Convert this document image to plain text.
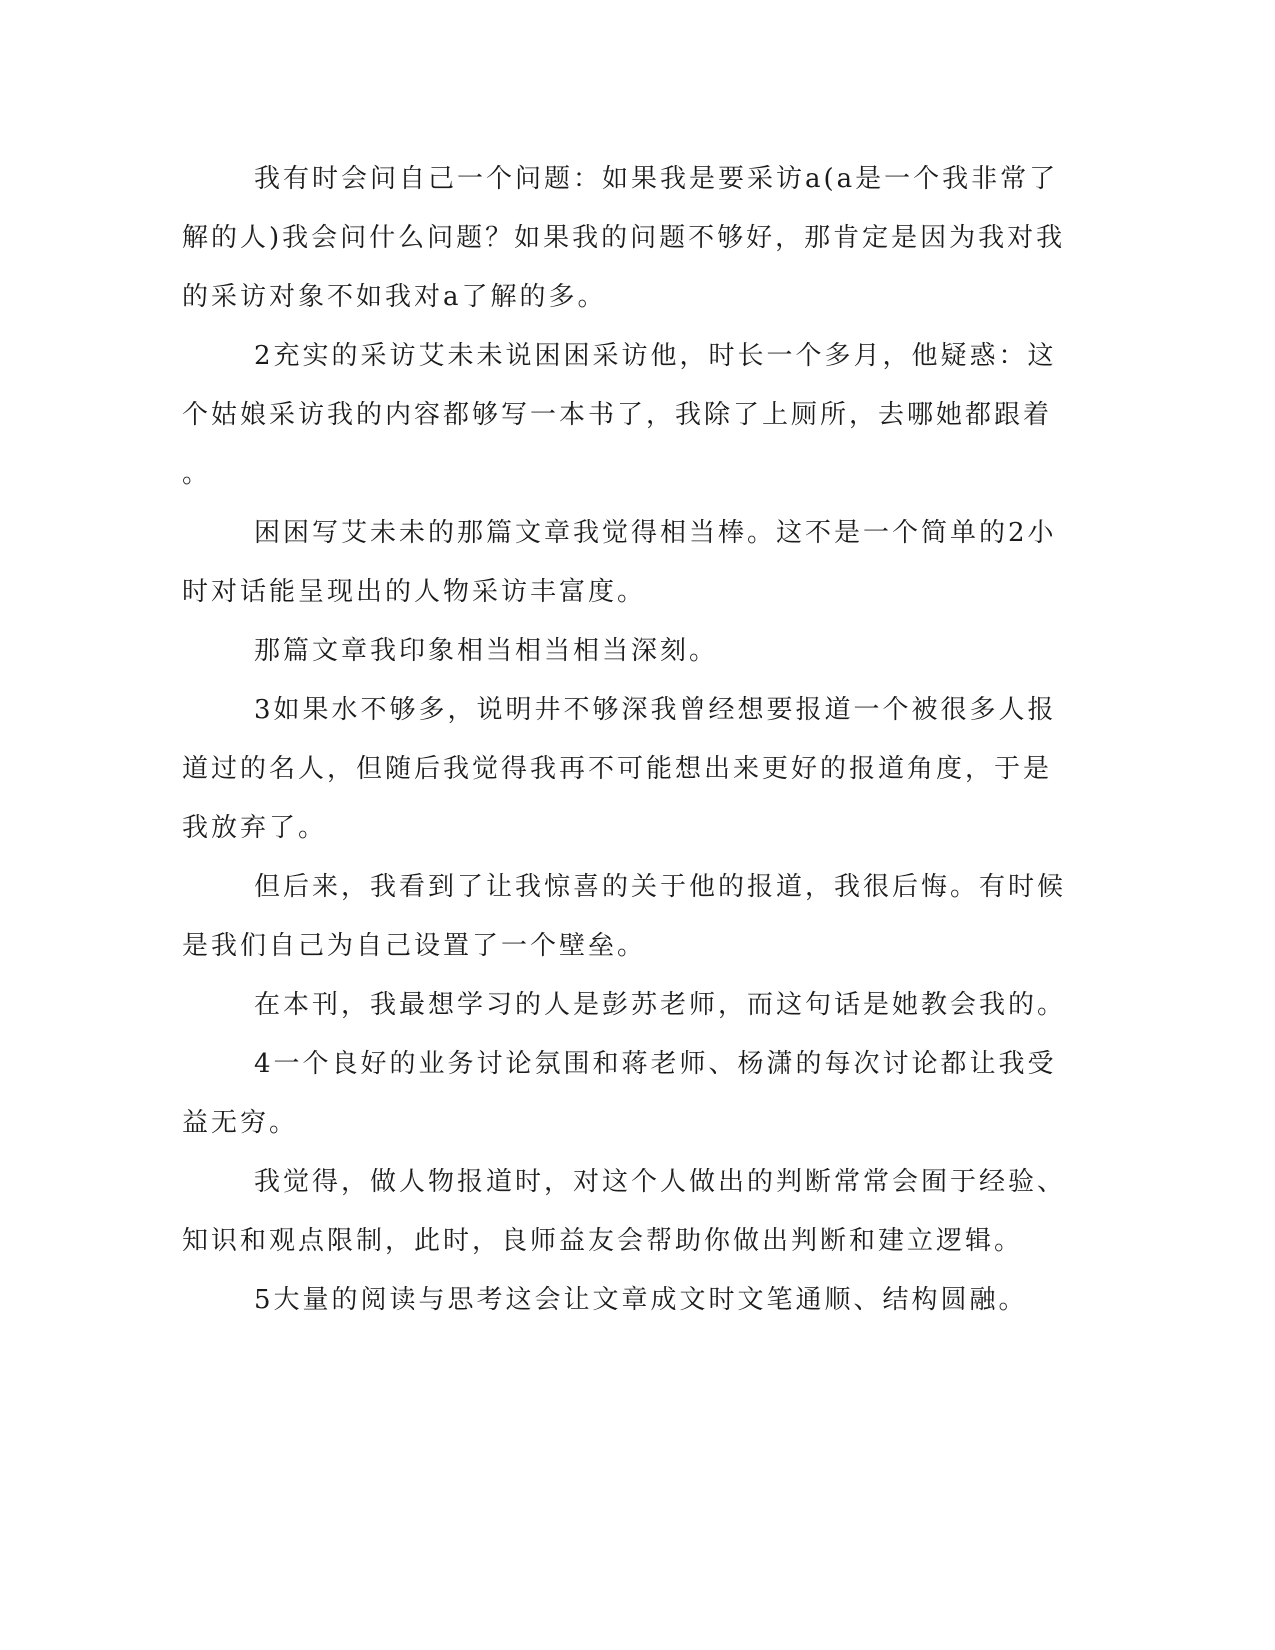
我有时会问自己一个问题：如果我是要采访a(a是一个我非常了
解的人)我会问什么问题？如果我的问题不够好，那肯定是因为我对我
的采访对象不如我对a了解的多。

2充实的采访艾未未说困困采访他，时长一个多月，他疑惑：这
个姑娘采访我的内容都够写一本书了，我除了上厕所，去哪她都跟着
。

困困写艾未未的那篇文章我觉得相当棒。这不是一个简单的2小
时对话能呈现出的人物采访丰富度。

那篇文章我印象相当相当相当深刻。

3如果水不够多，说明井不够深我曾经想要报道一个被很多人报
道过的名人，但随后我觉得我再不可能想出来更好的报道角度，于是
我放弃了。

但后来，我看到了让我惊喜的关于他的报道，我很后悔。有时候
是我们自己为自己设置了一个壁垒。

在本刊，我最想学习的人是彭苏老师，而这句话是她教会我的。

4一个良好的业务讨论氛围和蒋老师、杨潇的每次讨论都让我受
益无穷。

我觉得，做人物报道时，对这个人做出的判断常常会囿于经验、
知识和观点限制，此时，良师益友会帮助你做出判断和建立逻辑。

5大量的阅读与思考这会让文章成文时文笔通顺、结构圆融。
